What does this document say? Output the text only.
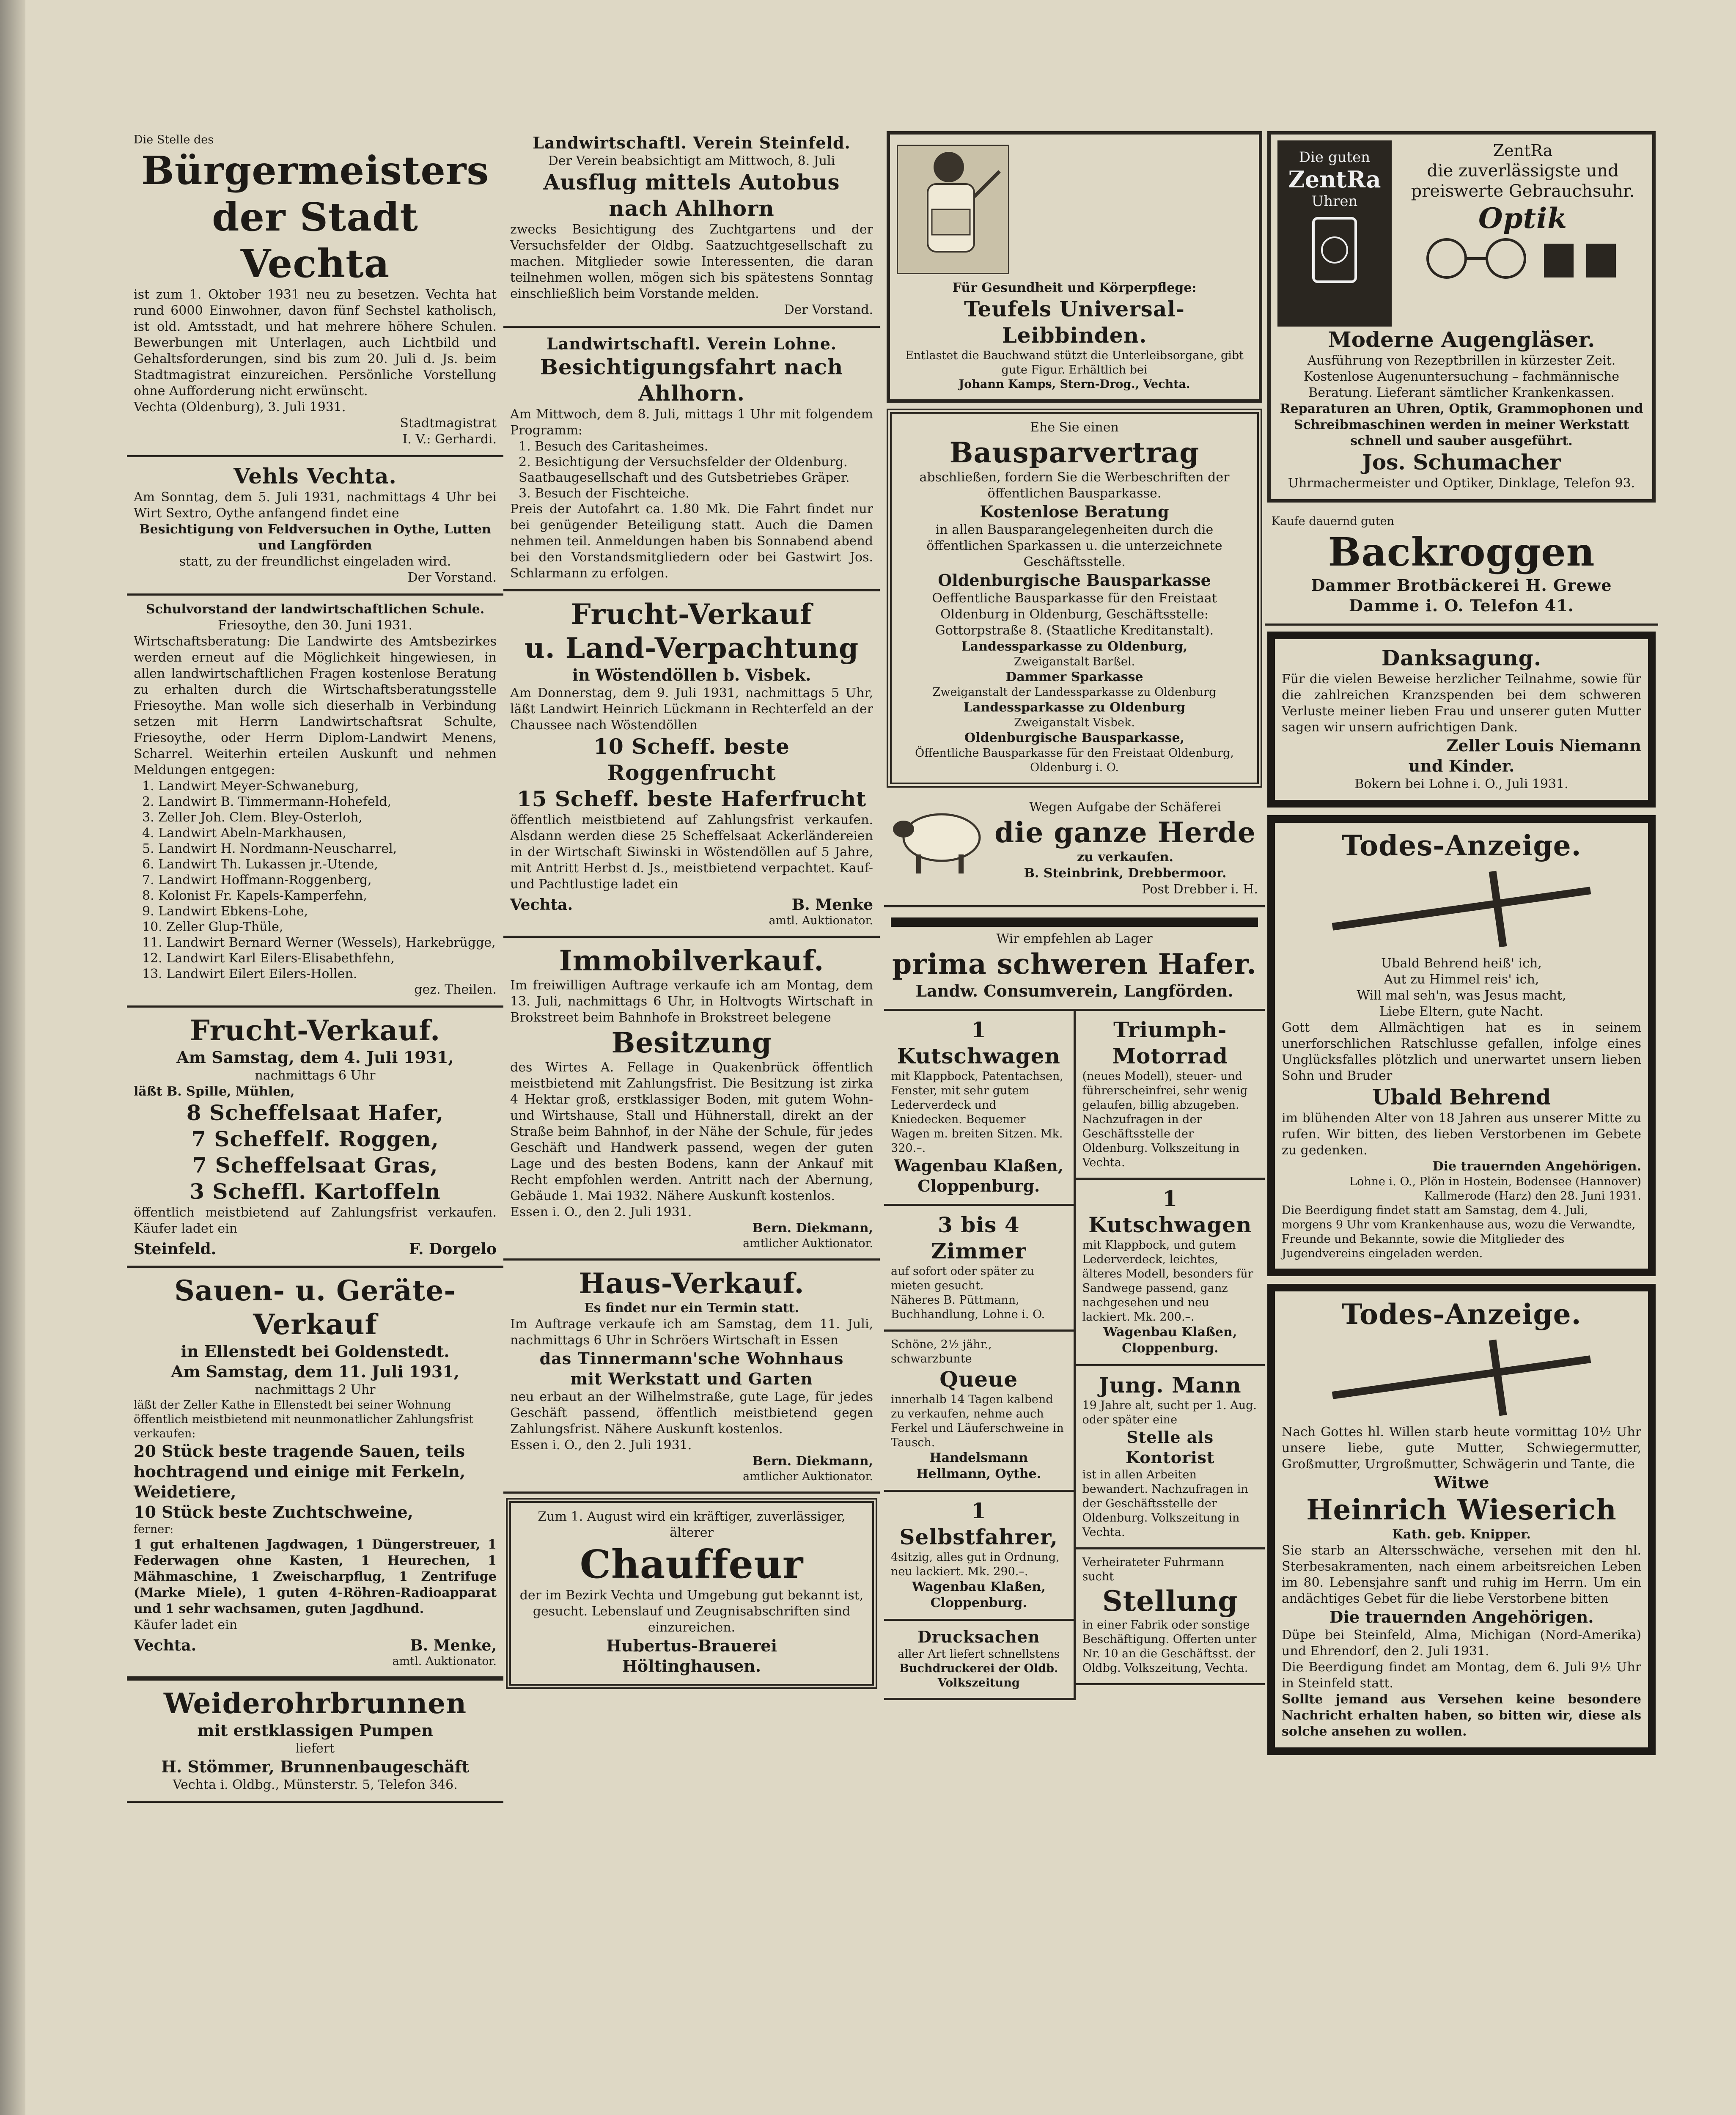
Die Stelle des
Bürgermeisters
der Stadt Vechta
ist zum 1. Oktober 1931 neu zu besetzen. Vechta hat rund 6000 Einwohner, davon fünf Sechstel katholisch, ist old. Amtsstadt, und hat mehrere höhere Schulen. Bewerbungen mit Unterlagen, auch Lichtbild und Gehaltsforderungen, sind bis zum 20. Juli d. Js. beim Stadtmagistrat einzureichen. Persönliche Vorstellung ohne Aufforderung nicht erwünscht.
Vechta (Oldenburg), 3. Juli 1931.
Stadtmagistrat
I. V.: Gerhardi.
Vehls Vechta.
Am Sonntag, dem 5. Juli 1931, nachmittags 4 Uhr bei Wirt Sextro, Oythe anfangend findet eine
Besichtigung von Feldversuchen in Oythe, Lutten und Langförden
statt, zu der freundlichst eingeladen wird.
Der Vorstand.
Schulvorstand der landwirtschaftlichen Schule.
Friesoythe, den 30. Juni 1931.
Wirtschaftsberatung: Die Landwirte des Amtsbezirkes werden erneut auf die Möglichkeit hingewiesen, in allen landwirtschaftlichen Fragen kostenlose Beratung zu erhalten durch die Wirtschaftsberatungsstelle Friesoythe. Man wolle sich dieserhalb in Verbindung setzen mit Herrn Landwirtschaftsrat Schulte, Friesoythe, oder Herrn Diplom-Landwirt Menens, Scharrel. Weiterhin erteilen Auskunft und nehmen Meldungen entgegen:
1. Landwirt Meyer-Schwaneburg,
2. Landwirt B. Timmermann-Hohefeld,
3. Zeller Joh. Clem. Bley-Osterloh,
4. Landwirt Abeln-Markhausen,
5. Landwirt H. Nordmann-Neuscharrel,
6. Landwirt Th. Lukassen jr.-Utende,
7. Landwirt Hoffmann-Roggenberg,
8. Kolonist Fr. Kapels-Kamperfehn,
9. Landwirt Ebkens-Lohe,
10. Zeller Glup-Thüle,
11. Landwirt Bernard Werner (Wessels), Harkebrügge,
12. Landwirt Karl Eilers-Elisabethfehn,
13. Landwirt Eilert Eilers-Hollen.
gez. Theilen.
Frucht-Verkauf.
Am Samstag, dem 4. Juli 1931,
nachmittags 6 Uhr
läßt B. Spille, Mühlen,
8 Scheffelsaat Hafer,
7 Scheffelf. Roggen,
7 Scheffelsaat Gras,
3 Scheffl. Kartoffeln
öffentlich meistbietend auf Zahlungsfrist verkaufen. Käufer ladet ein
Steinfeld.	F. Dorgelo
Sauen- u. Geräte-
Verkauf
in Ellenstedt bei Goldenstedt.
Am Samstag, dem 11. Juli 1931,
nachmittags 2 Uhr
läßt der Zeller Kathe in Ellenstedt bei seiner Wohnung öffentlich meistbietend mit neunmonatlicher Zahlungsfrist verkaufen:
20 Stück beste tragende Sauen, teils hochtragend und einige mit Ferkeln, Weidetiere,
10 Stück beste Zuchtschweine,
ferner:
1 gut erhaltenen Jagdwagen, 1 Düngerstreuer, 1 Federwagen ohne Kasten, 1 Heurechen, 1 Mähmaschine, 1 Zweischarpflug, 1 Zentrifuge (Marke Miele), 1 guten 4-Röhren-Radioapparat und 1 sehr wachsamen, guten Jagdhund.
Käufer ladet ein
Vechta.	B. Menke,
amtl. Auktionator.
Weiderohrbrunnen
mit erstklassigen Pumpen
liefert
H. Stömmer, Brunnenbaugeschäft
Vechta i. Oldbg., Münsterstr. 5, Telefon 346.
Landwirtschaftl. Verein Steinfeld.
Der Verein beabsichtigt am Mittwoch, 8. Juli
Ausflug mittels Autobus
nach Ahlhorn
zwecks Besichtigung des Zuchtgartens und der Versuchsfelder der Oldbg. Saatzuchtgesellschaft zu machen. Mitglieder sowie Interessenten, die daran teilnehmen wollen, mögen sich bis spätestens Sonntag einschließlich beim Vorstande melden.
Der Vorstand.
Landwirtschaftl. Verein Lohne.
Besichtigungsfahrt nach Ahlhorn.
Am Mittwoch, dem 8. Juli, mittags 1 Uhr mit folgendem Programm:
1. Besuch des Caritasheimes.
2. Besichtigung der Versuchsfelder der Oldenburg. Saatbaugesellschaft und des Gutsbetriebes Gräper.
3. Besuch der Fischteiche.
Preis der Autofahrt ca. 1.80 Mk. Die Fahrt findet nur bei genügender Beteiligung statt. Auch die Damen nehmen teil. Anmeldungen haben bis Sonnabend abend bei den Vorstandsmitgliedern oder bei Gastwirt Jos. Schlarmann zu erfolgen.
Frucht-Verkauf
u. Land-Verpachtung
in Wöstendöllen b. Visbek.
Am Donnerstag, dem 9. Juli 1931, nachmittags 5 Uhr, läßt Landwirt Heinrich Lückmann in Rechterfeld an der Chaussee nach Wöstendöllen
10 Scheff. beste Roggenfrucht
15 Scheff. beste Haferfrucht
öffentlich meistbietend auf Zahlungsfrist verkaufen. Alsdann werden diese 25 Scheffelsaat Ackerländereien in der Wirtschaft Siwinski in Wöstendöllen auf 5 Jahre, mit Antritt Herbst d. Js., meistbietend verpachtet. Kauf- und Pachtlustige ladet ein
Vechta.	B. Menke
amtl. Auktionator.
Immobilverkauf.
Im freiwilligen Auftrage verkaufe ich am Montag, dem 13. Juli, nachmittags 6 Uhr, in Holtvogts Wirtschaft in Brokstreet beim Bahnhofe in Brokstreet belegene
Besitzung
des Wirtes A. Fellage in Quakenbrück öffentlich meistbietend mit Zahlungsfrist. Die Besitzung ist zirka 4 Hektar groß, erstklassiger Boden, mit gutem Wohn- und Wirtshause, Stall und Hühnerstall, direkt an der Straße beim Bahnhof, in der Nähe der Schule, für jedes Geschäft und Handwerk passend, wegen der guten Lage und des besten Bodens, kann der Ankauf mit Recht empfohlen werden. Antritt nach der Abernung, Gebäude 1. Mai 1932. Nähere Auskunft kostenlos.
Essen i. O., den 2. Juli 1931.
Bern. Diekmann,
amtlicher Auktionator.
Haus-Verkauf.
Es findet nur ein Termin statt.
Im Auftrage verkaufe ich am Samstag, dem 11. Juli, nachmittags 6 Uhr in Schröers Wirtschaft in Essen
das Tinnermann'sche Wohnhaus
mit Werkstatt und Garten
neu erbaut an der Wilhelmstraße, gute Lage, für jedes Geschäft passend, öffentlich meistbietend gegen Zahlungsfrist. Nähere Auskunft kostenlos.
Essen i. O., den 2. Juli 1931.
Bern. Diekmann,
amtlicher Auktionator.
Zum 1. August wird ein kräftiger, zuverlässiger, älterer
Chauffeur
der im Bezirk Vechta und Umgebung gut bekannt ist, gesucht. Lebenslauf und Zeugnisabschriften sind einzureichen.
Hubertus-Brauerei
Höltinghausen.
Für Gesundheit und Körperpflege:
Teufels Universal-Leibbinden.
Entlastet die Bauchwand stützt die Unterleibsorgane, gibt gute Figur. Erhältlich bei
Johann Kamps, Stern-Drog., Vechta.
Ehe Sie einen
Bausparvertrag
abschließen, fordern Sie die Werbeschriften der öffentlichen Bausparkasse.
Kostenlose Beratung
in allen Bausparangelegenheiten durch die öffentlichen Sparkassen u. die unterzeichnete Geschäftsstelle.
Oldenburgische Bausparkasse
Oeffentliche Bausparkasse für den Freistaat Oldenburg in Oldenburg, Geschäftsstelle: Gottorpstraße 8. (Staatliche Kreditanstalt).
Landessparkasse zu Oldenburg,
Zweiganstalt Barßel.
Dammer Sparkasse
Zweiganstalt der Landessparkasse zu Oldenburg
Landessparkasse zu Oldenburg
Zweiganstalt Visbek.
Oldenburgische Bausparkasse,
Öffentliche Bausparkasse für den Freistaat Oldenburg, Oldenburg i. O.
Wegen Aufgabe der Schäferei
die ganze Herde
zu verkaufen.
B. Steinbrink, Drebbermoor.
Post Drebber i. H.
Wir empfehlen ab Lager
prima schweren Hafer.
Landw. Consumverein, Langförden.
1 Kutschwagen
mit Klappbock, Patentachsen, Fenster, mit sehr gutem Lederverdeck und Kniedecken. Bequemer Wagen m. breiten Sitzen. Mk. 320.–.
Wagenbau Klaßen, Cloppenburg.
3 bis 4 Zimmer
auf sofort oder später zu mieten gesucht.
Näheres B. Püttmann, Buchhandlung, Lohne i. O.
Schöne, 2½ jähr., schwarzbunte
Queue
innerhalb 14 Tagen kalbend zu verkaufen, nehme auch Ferkel und Läuferschweine in Tausch.
Handelsmann Hellmann, Oythe.
1 Selbstfahrer,
4sitzig, alles gut in Ordnung, neu lackiert. Mk. 290.–.
Wagenbau Klaßen, Cloppenburg.
Drucksachen
aller Art liefert schnellstens
Buchdruckerei der Oldb. Volkszeitung
Triumph-Motorrad
(neues Modell), steuer- und führerscheinfrei, sehr wenig gelaufen, billig abzugeben. Nachzufragen in der Geschäftsstelle der Oldenburg. Volkszeitung in Vechta.
1 Kutschwagen
mit Klappbock, und gutem Lederverdeck, leichtes, älteres Modell, besonders für Sandwege passend, ganz nachgesehen und neu lackiert. Mk. 200.–.
Wagenbau Klaßen, Cloppenburg.
Jung. Mann
19 Jahre alt, sucht per 1. Aug. oder später eine
Stelle als Kontorist
ist in allen Arbeiten bewandert. Nachzufragen in der Geschäftsstelle der Oldenburg. Volkszeitung in Vechta.
Verheirateter Fuhrmann sucht
Stellung
in einer Fabrik oder sonstige Beschäftigung. Offerten unter Nr. 10 an die Geschäftsst. der Oldbg. Volkszeitung, Vechta.
Die guten
ZentRa
Uhren
ZentRa
die zuverlässigste und
preiswerte Gebrauchsuhr.
Optik
Moderne Augengläser.
Ausführung von Rezeptbrillen in kürzester Zeit. Kostenlose Augenuntersuchung – fachmännische Beratung. Lieferant sämtlicher Krankenkassen.
Reparaturen an Uhren, Optik, Grammophonen und Schreibmaschinen werden in meiner Werkstatt schnell und sauber ausgeführt.
Jos. Schumacher
Uhrmachermeister und Optiker, Dinklage, Telefon 93.
Kaufe dauernd guten
Backroggen
Dammer Brotbäckerei H. Grewe
Damme i. O. Telefon 41.
Danksagung.
Für die vielen Beweise herzlicher Teilnahme, sowie für die zahlreichen Kranzspenden bei dem schweren Verluste meiner lieben Frau und unserer guten Mutter sagen wir unsern aufrichtigen Dank.
Zeller Louis Niemann
und Kinder.
Bokern bei Lohne i. O., Juli 1931.
Todes-Anzeige.
Ubald Behrend heiß' ich,
Aut zu Himmel reis' ich,
Will mal seh'n, was Jesus macht,
Liebe Eltern, gute Nacht.
Gott dem Allmächtigen hat es in seinem unerforschlichen Ratschlusse gefallen, infolge eines Unglücksfalles plötzlich und unerwartet unsern lieben Sohn und Bruder
Ubald Behrend
im blühenden Alter von 18 Jahren aus unserer Mitte zu rufen. Wir bitten, des lieben Verstorbenen im Gebete zu gedenken.
Die trauernden Angehörigen.
Lohne i. O., Plön in Hostein, Bodensee (Hannover) Kallmerode (Harz) den 28. Juni 1931.
Die Beerdigung findet statt am Samstag, dem 4. Juli, morgens 9 Uhr vom Krankenhause aus, wozu die Verwandte, Freunde und Bekannte, sowie die Mitglieder des Jugendvereins eingeladen werden.
Todes-Anzeige.
Nach Gottes hl. Willen starb heute vormittag 10½ Uhr unsere liebe, gute Mutter, Schwiegermutter, Großmutter, Urgroßmutter, Schwägerin und Tante, die
Witwe
Heinrich Wieserich
Kath. geb. Knipper.
Sie starb an Altersschwäche, versehen mit den hl. Sterbesakramenten, nach einem arbeitsreichen Leben im 80. Lebensjahre sanft und ruhig im Herrn. Um ein andächtiges Gebet für die liebe Verstorbene bitten
Die trauernden Angehörigen.
Düpe bei Steinfeld, Alma, Michigan (Nord-Amerika) und Ehrendorf, den 2. Juli 1931.
Die Beerdigung findet am Montag, dem 6. Juli 9½ Uhr in Steinfeld statt.
Sollte jemand aus Versehen keine besondere Nachricht erhalten haben, so bitten wir, diese als solche ansehen zu wollen.
